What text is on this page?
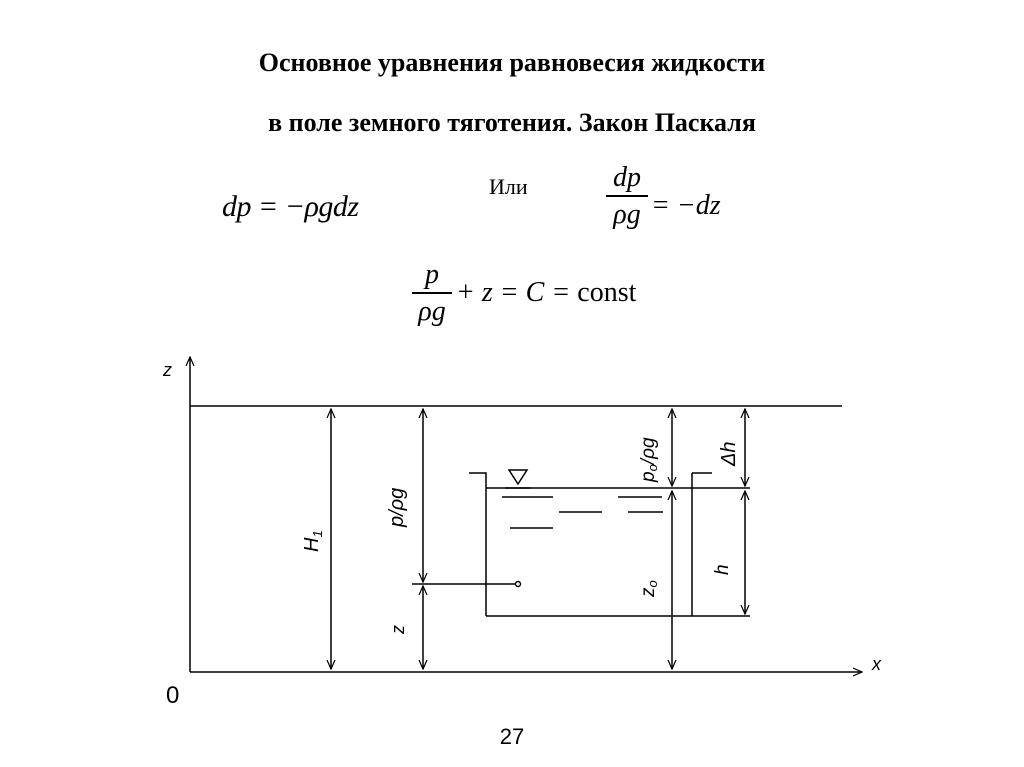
Основное уравнения равновесия жидкости
в поле земного тяготения. Закон Паскаля
dp = −ρgdz
Или	dp
ρg = −dz
p
ρg
+ z = C = const
z
x
0
$H_1$
p/ρg
z
po/ρg
zo
Δh
h
27
